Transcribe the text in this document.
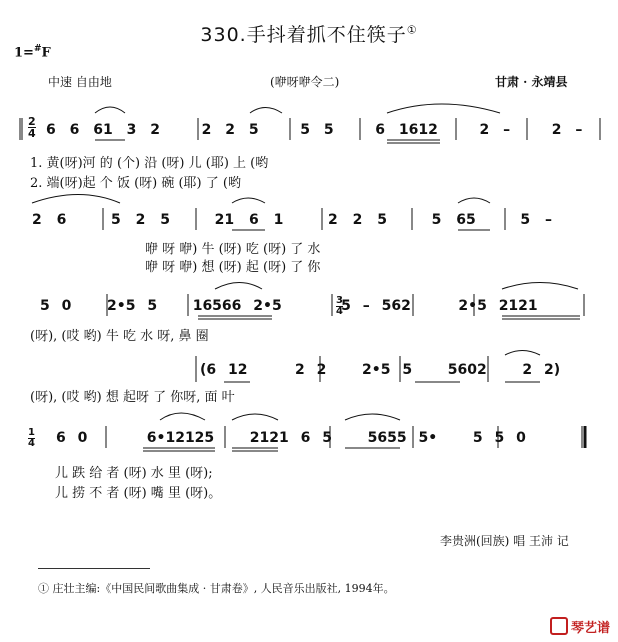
330.手抖着抓不住筷子①
1=#F
中速 自由地	(咿呀咿令二)	甘肃 · 永靖县
2
4
3
4
1
4
6 6 61 3 2	2 2 5	5 5	6 1612	2 –	2 –
1. 黄(呀)河 的 (个) 沿 (呀) 儿 (耶) 上 (哟
2. 端(呀)起 个 饭 (呀) 碗 (耶) 了 (哟
2 6	5 2 5	21 6 1	2 2 5	5 65	5 –
咿 呀 咿) 牛 (呀) 吃 (呀) 了 水
咿 呀 咿) 想 (呀) 起 (呀) 了 你
5 0	2•5 5	16566 2•5	5 – 562	2•5 2121
(呀), (哎 哟) 牛 吃 水 呀, 鼻 圈
(6 12	2 2	2•5 5	5602	2 2)
(呀), (哎 哟) 想 起呀 了 你呀, 面 叶
6 0	6•12125	2121 6 5	5655 5•	5 5 0
儿 跌 给 者 (呀) 水 里 (呀);
儿 捞 不 者 (呀) 嘴 里 (呀)。
李贵洲(回族) 唱 王沛 记
① 庄壮主编:《中国民间歌曲集成 · 甘肃卷》, 人民音乐出版社, 1994年。
琴艺谱
